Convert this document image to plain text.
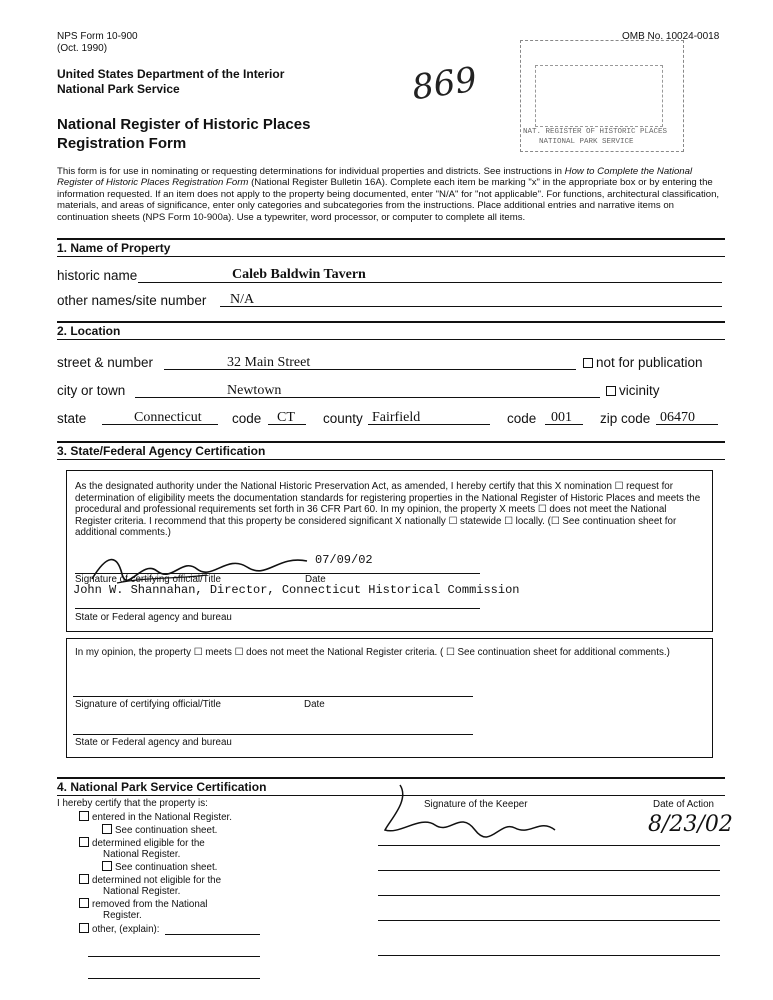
NPS Form 10-900
(Oct. 1990)
OMB No. 10024-0018
United States Department of the Interior
National Park Service
National Register of Historic Places
Registration Form
869
NAT. REGISTER OF HISTORIC PLACES
NATIONAL PARK SERVICE
This form is for use in nominating or requesting determinations for individual properties and districts. See instructions in How to Complete the National Register of Historic Places Registration Form (National Register Bulletin 16A). Complete each item be marking "x" in the appropriate box or by entering the information requested. If an item does not apply to the property being documented, enter "N/A" for "not applicable". For functions, architectural classification, materials, and areas of significance, enter only categories and subcategories from the instructions. Place additional entries and narrative items on continuation sheets (NPS Form 10-900a). Use a typewriter, word processor, or computer to complete all items.
1. Name of Property
historic name	Caleb Baldwin Tavern
other names/site number N/A
2. Location
street & number	32 Main Street	not for publication
city or town	Newtown	vicinity
state	Connecticut code CT county Fairfield	code 001 zip code 06470
3. State/Federal Agency Certification
As the designated authority under the National Historic Preservation Act, as amended, I hereby certify that this X nomination ☐ request for determination of eligibility meets the documentation standards for registering properties in the National Register of Historic Places and meets the procedural and professional requirements set forth in 36 CFR Part 60. In my opinion, the property X meets ☐ does not meet the National Register criteria. I recommend that this property be considered significant X nationally ☐ statewide ☐ locally. (☐ See continuation sheet for additional comments.)
07/09/02
Signature of certifying official/Title	Date
John W. Shannahan, Director, Connecticut Historical Commission
State or Federal agency and bureau
In my opinion, the property ☐ meets ☐ does not meet the National Register criteria. ( ☐ See continuation sheet for additional comments.)
Signature of certifying official/Title	Date
State or Federal agency and bureau
4. National Park Service Certification
I hereby certify that the property is:
entered in the National Register.
See continuation sheet.
determined eligible for the
National Register.
See continuation sheet.
determined not eligible for the
National Register.
removed from the National
Register.
other, (explain):
Signature of the Keeper	Date of Action
8/23/02
